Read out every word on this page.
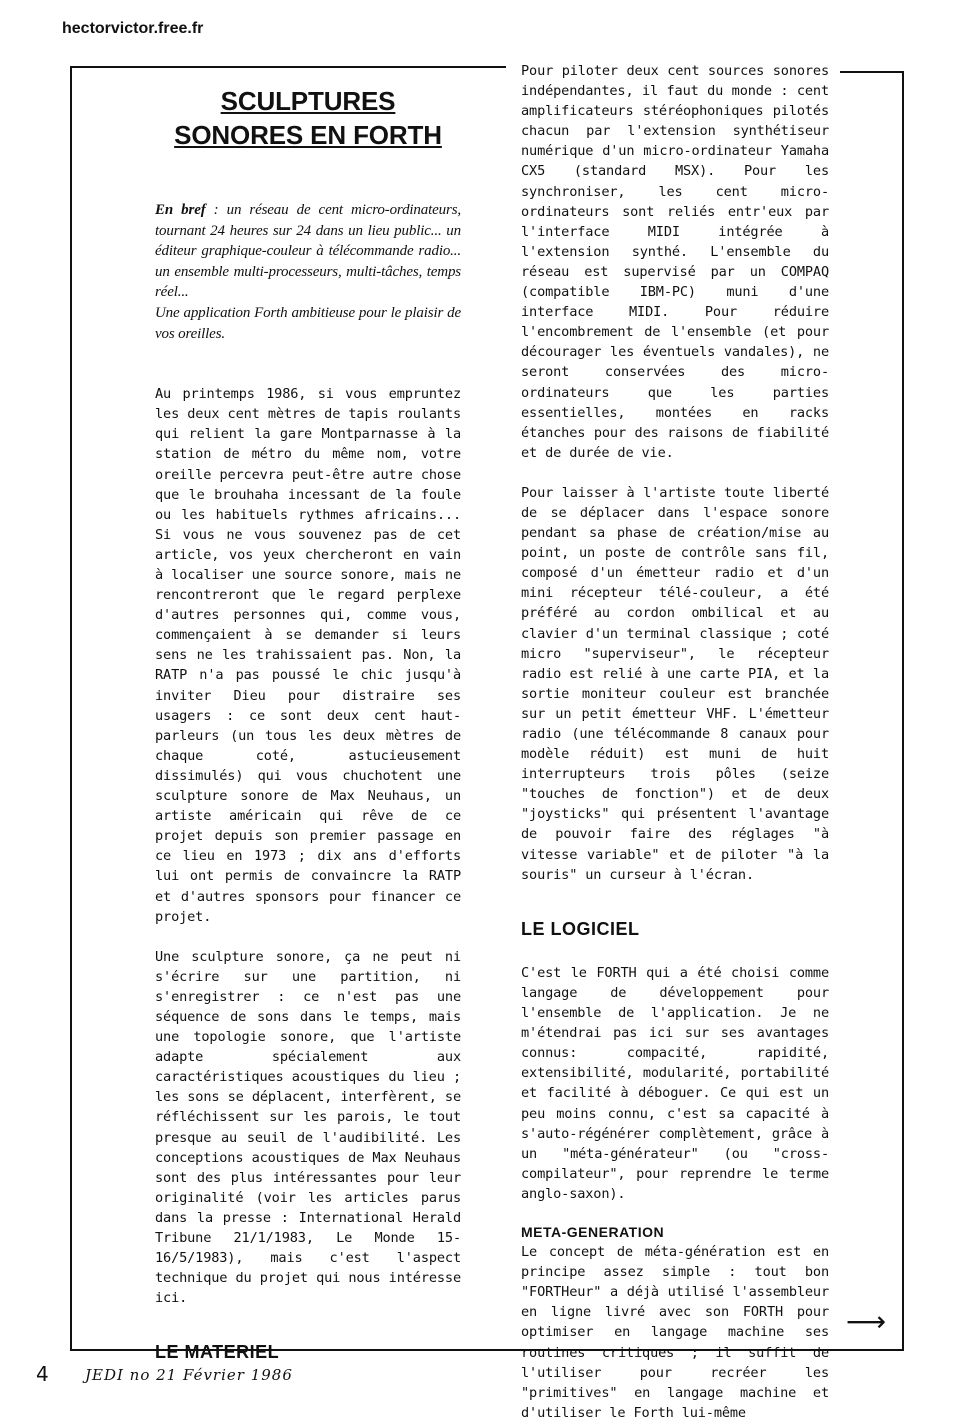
hectorvictor.free.fr
SCULPTURES SONORES EN FORTH

En bref : un réseau de cent micro-ordinateurs, tournant 24 heures sur 24 dans un lieu public... un éditeur graphique-couleur à télécommande radio... un ensemble multi-processeurs, multi-tâches, temps réel...
Une application Forth ambitieuse pour le plaisir de vos oreilles.

Au printemps 1986, si vous empruntez les deux cent mètres de tapis roulants qui relient la gare Montparnasse à la station de métro du même nom, votre oreille percevra peut-être autre chose que le brouhaha incessant de la foule ou les habituels rythmes africains... Si vous ne vous souvenez pas de cet article, vos yeux chercheront en vain à localiser une source sonore, mais ne rencontreront que le regard perplexe d'autres personnes qui, comme vous, commençaient à se demander si leurs sens ne les trahissaient pas. Non, la RATP n'a pas poussé le chic jusqu'à inviter Dieu pour distraire ses usagers : ce sont deux cent haut-parleurs (un tous les deux mètres de chaque coté, astucieusement dissimulés) qui vous chuchotent une sculpture sonore de Max Neuhaus, un artiste américain qui rêve de ce projet depuis son premier passage en ce lieu en 1973 ; dix ans d'efforts lui ont permis de convaincre la RATP et d'autres sponsors pour financer ce projet.

Une sculpture sonore, ça ne peut ni s'écrire sur une partition, ni s'enregistrer : ce n'est pas une séquence de sons dans le temps, mais une topologie sonore, que l'artiste adapte spécialement aux caractéristiques acoustiques du lieu ; les sons se déplacent, interfèrent, se réfléchissent sur les parois, le tout presque au seuil de l'audibilité. Les conceptions acoustiques de Max Neuhaus sont des plus intéressantes pour leur originalité (voir les articles parus dans la presse : International Herald Tribune 21/1/1983, Le Monde 15-16/5/1983), mais c'est l'aspect technique du projet qui nous intéresse ici.

LE MATERIEL

Pour piloter deux cent sources sonores indépendantes, il faut du monde : cent amplificateurs stéréophoniques pilotés chacun par l'extension synthétiseur numérique d'un micro-ordinateur Yamaha CX5 (standard MSX). Pour les synchroniser, les cent micro-ordinateurs sont reliés entr'eux par l'interface MIDI intégrée à l'extension synthé. L'ensemble du réseau est supervisé par un COMPAQ (compatible IBM-PC) muni d'une interface MIDI. Pour réduire l'encombrement de l'ensemble (et pour décourager les éventuels vandales), ne seront conservées des micro-ordinateurs que les parties essentielles, montées en racks étanches pour des raisons de fiabilité et de durée de vie.

Pour laisser à l'artiste toute liberté de se déplacer dans l'espace sonore pendant sa phase de création/mise au point, un poste de contrôle sans fil, composé d'un émetteur radio et d'un mini récepteur télé-couleur, a été préféré au cordon ombilical et au clavier d'un terminal classique ; coté micro "superviseur", le récepteur radio est relié à une carte PIA, et la sortie moniteur couleur est branchée sur un petit émetteur VHF. L'émetteur radio (une télécommande 8 canaux pour modèle réduit) est muni de huit interrupteurs trois pôles (seize "touches de fonction") et de deux "joysticks" qui présentent l'avantage de pouvoir faire des réglages "à vitesse variable" et de piloter "à la souris" un curseur à l'écran.

LE LOGICIEL

C'est le FORTH qui a été choisi comme langage de développement pour l'ensemble de l'application. Je ne m'étendrai pas ici sur ses avantages connus: compacité, rapidité, extensibilité, modularité, portabilité et facilité à déboguer. Ce qui est un peu moins connu, c'est sa capacité à s'auto-régénérer complètement, grâce à un "méta-générateur" (ou "cross-compilateur", pour reprendre le terme anglo-saxon).

META-GENERATION

Le concept de méta-génération est en principe assez simple : tout bon "FORTHeur" a déjà utilisé l'assembleur en ligne livré avec son FORTH pour optimiser en langage machine ses routines critiques ; il suffit de l'utiliser pour recréer les "primitives" en langage machine et d'utiliser le Forth lui-même

⟶
4 JEDI no 21 Février 1986
